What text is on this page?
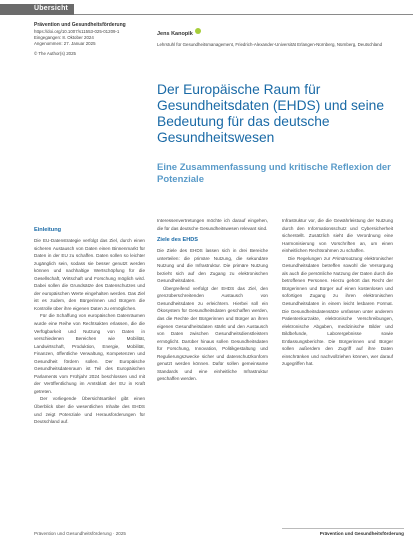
Übersicht
Prävention und Gesundheitsförderung
https://doi.org/10.1007/s11553-025-01209-1
Eingegangen: 8. Oktober 2024
Angenommen: 27. Januar 2025
© The Author(s) 2025
Jens Kanopik
Lehrstuhl für Gesundheitsmanagement, Friedrich-Alexander-Universität Erlangen-Nürnberg, Nürnberg, Deutschland
Der Europäische Raum für Gesundheitsdaten (EHDS) und seine Bedeutung für das deutsche Gesundheitswesen
Eine Zusammenfassung und kritische Reflexion der Potenziale
Einleitung

Die EU-Datenstrategie verfolgt das Ziel, durch einen sicheren Austausch von Daten einen Binnenmarkt für Daten in der EU zu schaffen. Daten sollen so leichter zugänglich sein, sodass sie besser genutzt werden können und nachhaltige Wertschöpfung für die Gesellschaft, Wirtschaft und Forschung möglich wird. Dabei sollen die Grundsätze des Datenschutzes und der europäischen Werte eingehalten werden. Das Ziel ist es zudem, den Bürgerinnen und Bürgern die Kontrolle über ihre eigenen Daten zu ermöglichen.

Für die Schaffung von europäischen Datenräumen wurde eine Reihe von Rechtsakten erlassen, die die Verfügbarkeit und Nutzung von Daten in verschiedenen Bereichen wie Mobilität, Landwirtschaft, Produktion, Energie, Mobilität, Finanzen, öffentliche Verwaltung, Kompetenzen und Gesundheit fördern sollen. Der Europäische Gesundheitsdatenraum ist Teil des Europäischen Parlaments vom Frühjahr 2024 beschlossen und mit der Veröffentlichung im Amtsblatt der EU in Kraft getreten.

Der vorliegende Übersichtsartikel gibt einen Überblick über die wesentlichen Inhalte des EHDS und zeigt Potenziale und Herausforderungen für Deutschland auf.

Interessenvertretungen möchte ich darauf eingehen, die für das deutsche Gesundheitswesen relevant sind.

Ziele des EHDS

Die Ziele des EHDS lassen sich in drei Bereiche unterteilen: die primäre Nutzung, die sekundäre Nutzung und die Infrastruktur. Die primäre Nutzung bezieht sich auf den Zugang zu elektronischen Gesundheitsdaten.

Übergreifend verfolgt der EHDS das Ziel, den grenzüberschreitenden Austausch von Gesundheitsdaten zu erleichtern. Hierbei soll ein Ökosystem für Gesundheitsdaten geschaffen werden, das die Rechte der Bürgerinnen und Bürger an ihren eigenen Gesundheitsdaten stärkt und den Austausch von Daten zwischen Gesundheitsdienstleistern ermöglicht. Darüber hinaus sollen Gesundheitsdaten für Forschung, Innovation, Politikgestaltung und Regulierungszwecke sicher und datenschutzkonform genutzt werden können. Dafür sollen gemeinsame Standards und eine einheitliche Infrastruktur geschaffen werden.

Infrastruktur vor, die die Gewährleistung der Nutzung durch den Informationsschutz und Cybersicherheit sicherstellt. Zusätzlich sieht die Verordnung eine Harmonisierung von Vorschriften an, um einen einheitlichen Rechtsrahmen zu schaffen.

Die Regelungen zur Primärnutzung elektronischer Gesundheitsdaten betreffen sowohl die Versorgung als auch die persönliche Nutzung der Daten durch die betroffenen Personen. Hierzu gehört das Recht der Bürgerinnen und Bürger auf einen kostenlosen und sofortigen Zugang zu ihren elektronischen Gesundheitsdaten in einem leicht lesbaren Format. Die Gesundheitsdatensätze umfassen unter anderem Patientenkurzakte, elektronische Verschreibungen, elektronische Abgaben, medizinische Bilder und Bildbefunde, Laborergebnisse sowie Entlassungsberichte. Die Bürgerinnen und Bürger sollen außerdem den Zugriff auf ihre Daten einschränken und nachvollziehen können, wer darauf zugegriffen hat.

Prävention und Gesundheitsförderung · 2025	Prävention und Gesundheitsförderung
